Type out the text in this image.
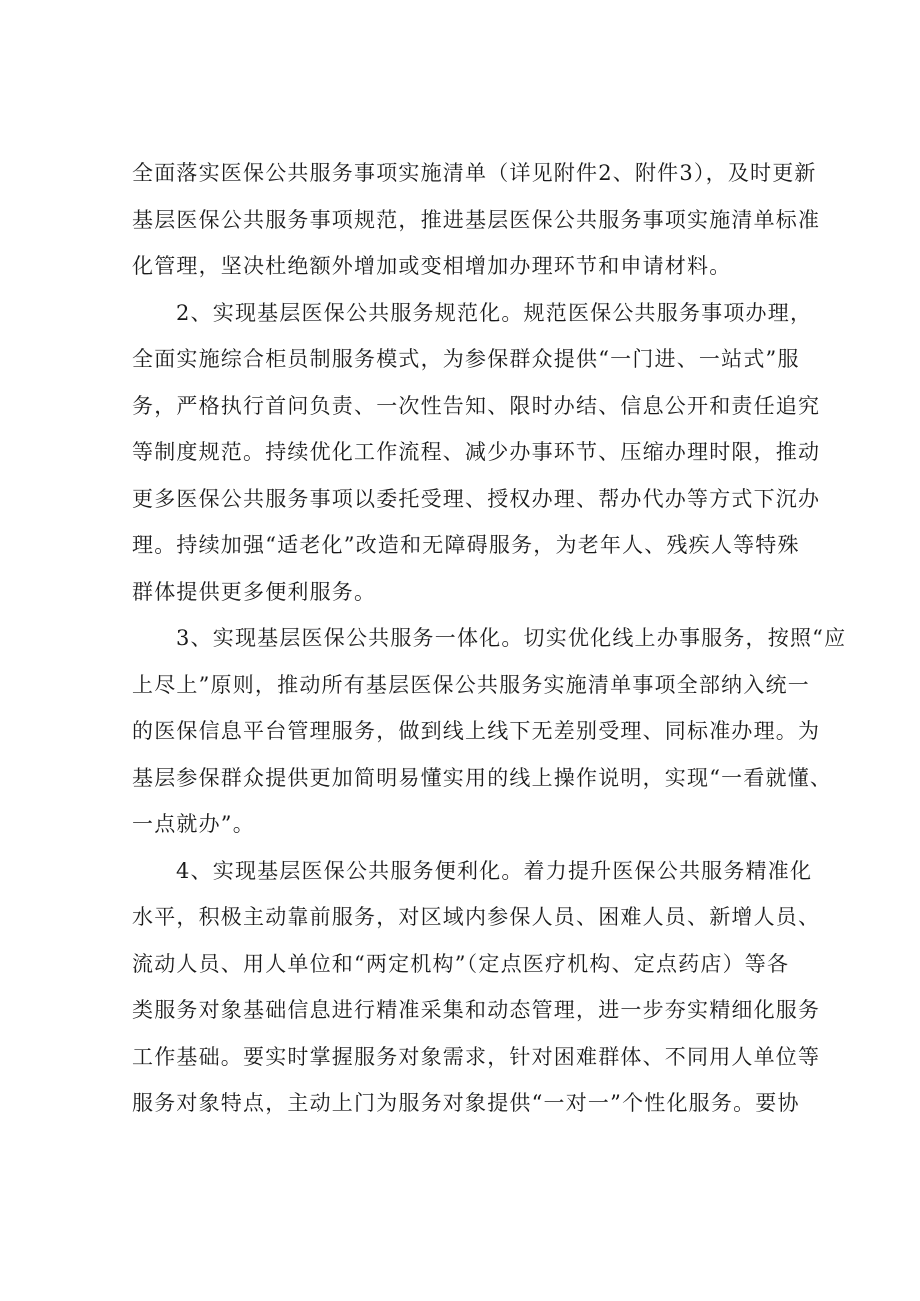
全面落实医保公共服务事项实施清单（详见附件2、附件3），及时更新
基层医保公共服务事项规范，推进基层医保公共服务事项实施清单标准
化管理，坚决杜绝额外增加或变相增加办理环节和申请材料。
2、实现基层医保公共服务规范化。规范医保公共服务事项办理，
全面实施综合柜员制服务模式，为参保群众提供“一门进、一站式”服
务，严格执行首问负责、一次性告知、限时办结、信息公开和责任追究
等制度规范。持续优化工作流程、减少办事环节、压缩办理时限，推动
更多医保公共服务事项以委托受理、授权办理、帮办代办等方式下沉办
理。持续加强“适老化”改造和无障碍服务，为老年人、残疾人等特殊
群体提供更多便利服务。
3、实现基层医保公共服务一体化。切实优化线上办事服务，按照“应
上尽上”原则，推动所有基层医保公共服务实施清单事项全部纳入统一
的医保信息平台管理服务，做到线上线下无差别受理、同标准办理。为
基层参保群众提供更加简明易懂实用的线上操作说明，实现“一看就懂、
一点就办”。
4、实现基层医保公共服务便利化。着力提升医保公共服务精准化
水平，积极主动靠前服务，对区域内参保人员、困难人员、新增人员、
流动人员、用人单位和“两定机构”（定点医疗机构、定点药店）等各
类服务对象基础信息进行精准采集和动态管理，进一步夯实精细化服务
工作基础。要实时掌握服务对象需求，针对困难群体、不同用人单位等
服务对象特点，主动上门为服务对象提供“一对一”个性化服务。要协
